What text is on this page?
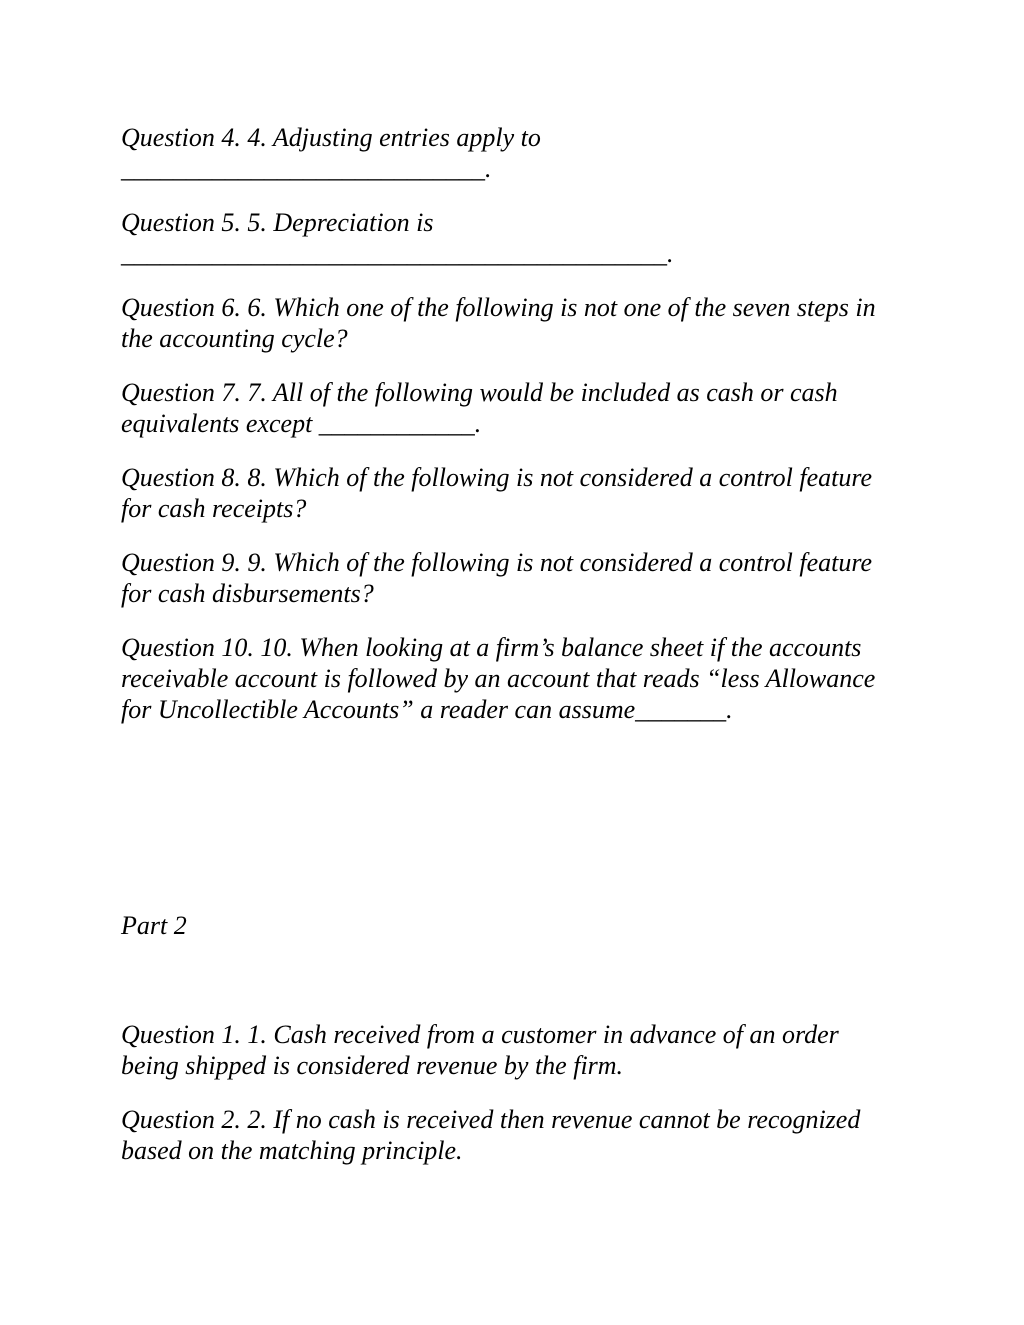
Question 4. 4. Adjusting entries apply to

____________________________.

Question 5. 5. Depreciation is

__________________________________________.

Question 6. 6. Which one of the following is not one of the seven steps in

the accounting cycle?

Question 7. 7. All of the following would be included as cash or cash

equivalents except ____________.

Question 8. 8. Which of the following is not considered a control feature

for cash receipts?

Question 9. 9. Which of the following is not considered a control feature

for cash disbursements?

Question 10. 10. When looking at a firm’s balance sheet if the accounts

receivable account is followed by an account that reads “less Allowance

for Uncollectible Accounts” a reader can assume_______.

Part 2

Question 1. 1. Cash received from a customer in advance of an order

being shipped is considered revenue by the firm.

Question 2. 2. If no cash is received then revenue cannot be recognized

based on the matching principle.
